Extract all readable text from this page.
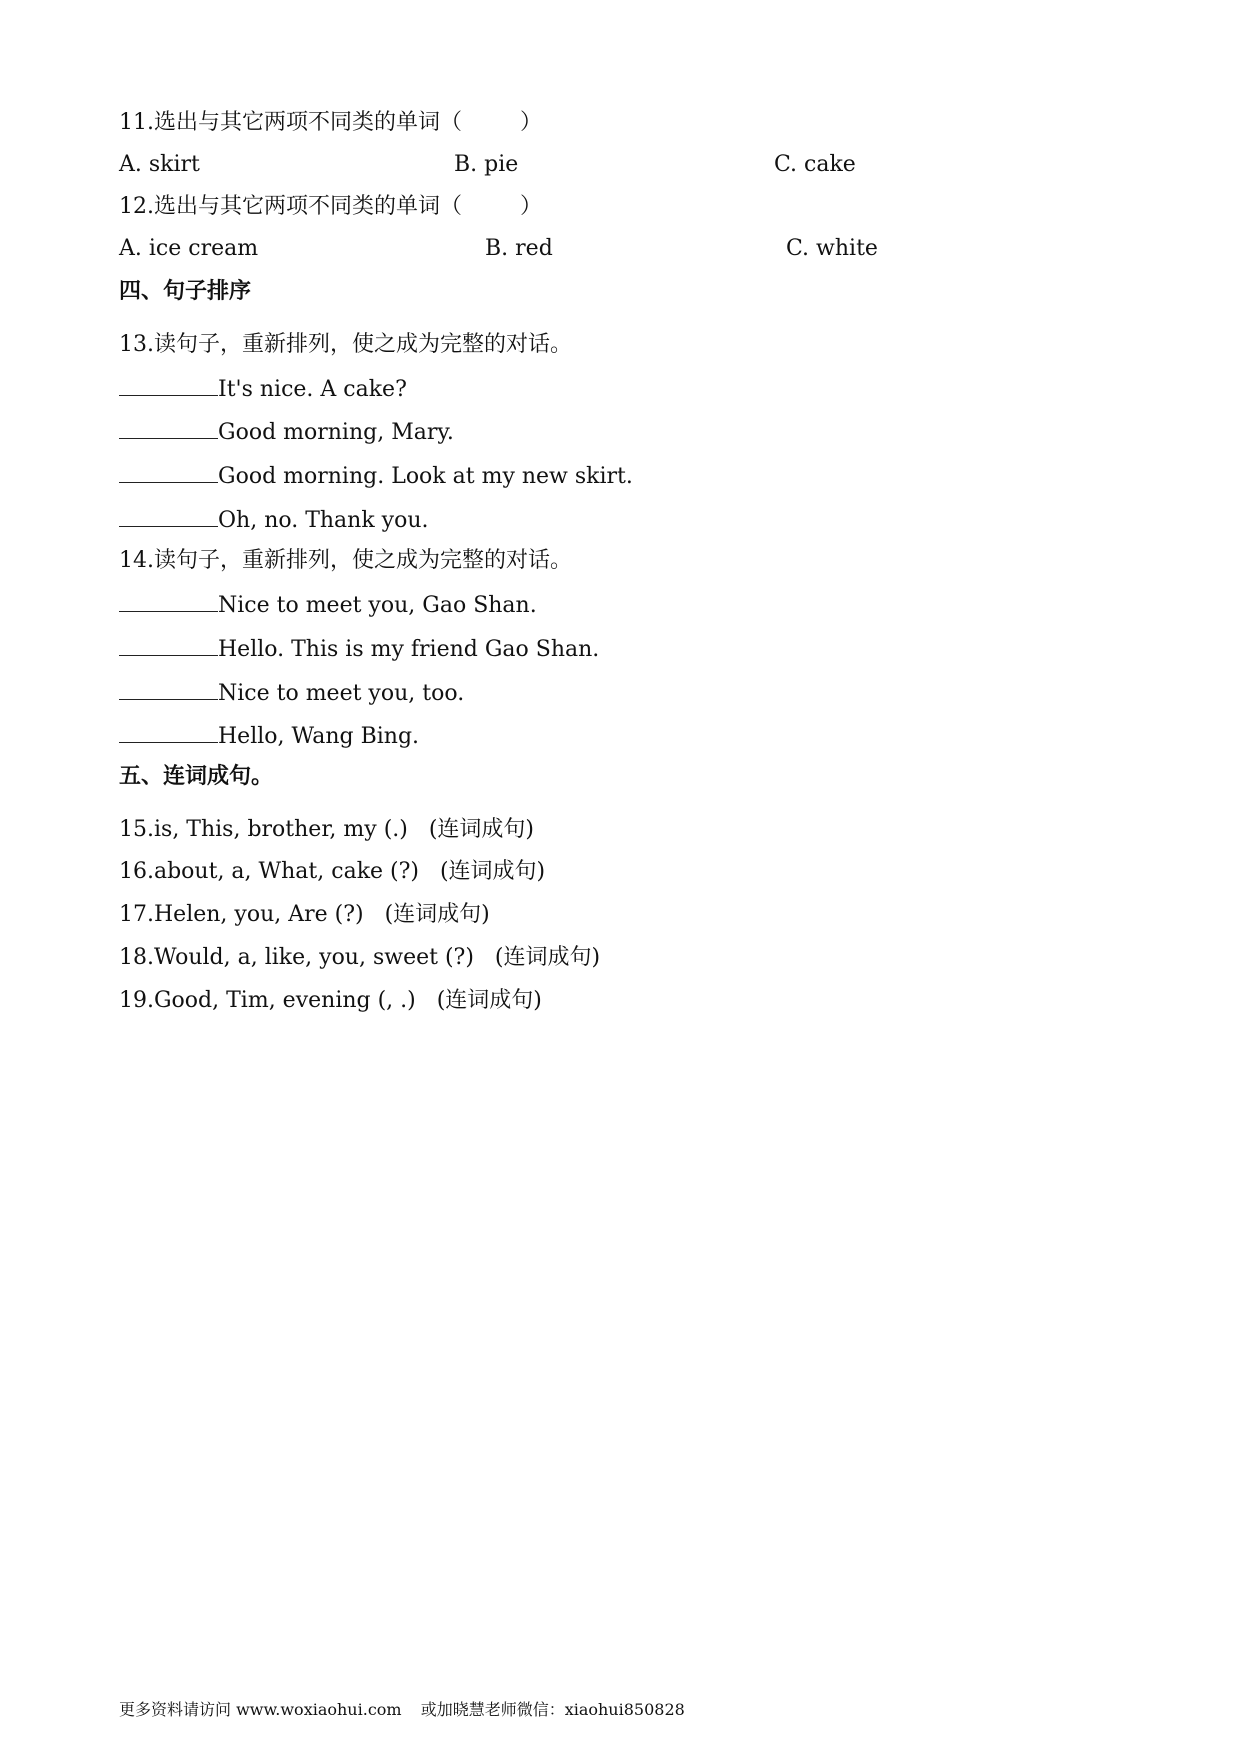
11.选出与其它两项不同类的单词（	）
A. skirt	B. pie	C. cake
12.选出与其它两项不同类的单词（	）
A. ice cream	B. red	C. white
四、句子排序
13.读句子，重新排列，使之成为完整的对话。
It's nice. A cake?
Good morning, Mary.
Good morning. Look at my new skirt.
Oh, no. Thank you.
14.读句子，重新排列，使之成为完整的对话。
Nice to meet you, Gao Shan.
Hello. This is my friend Gao Shan.
Nice to meet you, too.
Hello, Wang Bing.
五、连词成句。
15.is, This, brother, my (.)   (连词成句)
16.about, a, What, cake (?)   (连词成句)
17.Helen, you, Are (?)   (连词成句)
18.Would, a, like, you, sweet (?)   (连词成句)
19.Good, Tim, evening (, .)   (连词成句)
更多资料请访问 www.woxiaohui.com 或加晓慧老师微信：xiaohui850828
